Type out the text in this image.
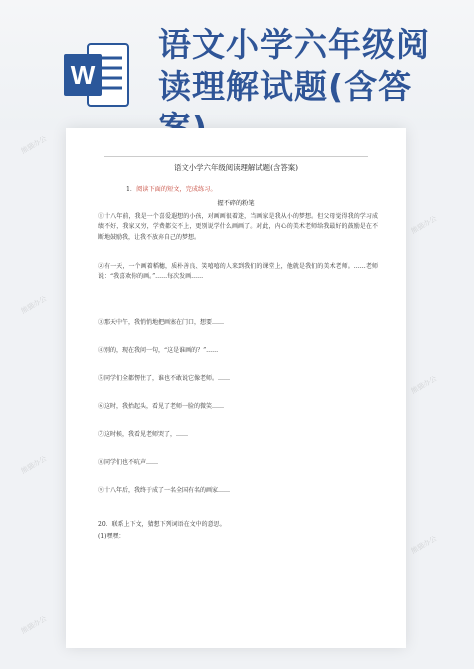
W
语文小学六年级阅读理解试题(含答
语文小学六年级阅读理解试题(含答案)
1．阅读下面的短文，完成练习。
握不碎的粉笔
①十八年前，我是一个喜爱遐想的小孩，对画画很着迷，当画家是我从小的梦想。但父母觉得我的学习成绩不好，我家又穷，学费都交不上，更别说学什么画画了。对此，内心的美术老师给我最好的鼓励是在不断地鼓励我，让我不放弃自己的梦想。
②有一天，一个画着稻穗，质朴善良、笑嘻嘻的人来到我们的课堂上，他就是我们的美术老师。……老师说：“我喜欢你的画。”……每次发画……
③那天中午，我悄悄地把画塞在门口，想要……
④別的，现在我问一句，“这是谁画的？”……
⑤同学们全都愣住了，谁也不敢说它像老师。……
⑥这时，我抬起头，看见了老师一脸的微笑……
⑦这时候，我看见老师哭了，……
⑧同学们也不吭声……
⑨十八年后，我终于成了一名全国有名的画家……
20．联系上下文，猜想下列词语在文中的意思。
(1)嘿嘿：
熊猫办公
熊猫办公
熊猫办公
熊猫办公
熊猫办公
熊猫办公
熊猫办公
